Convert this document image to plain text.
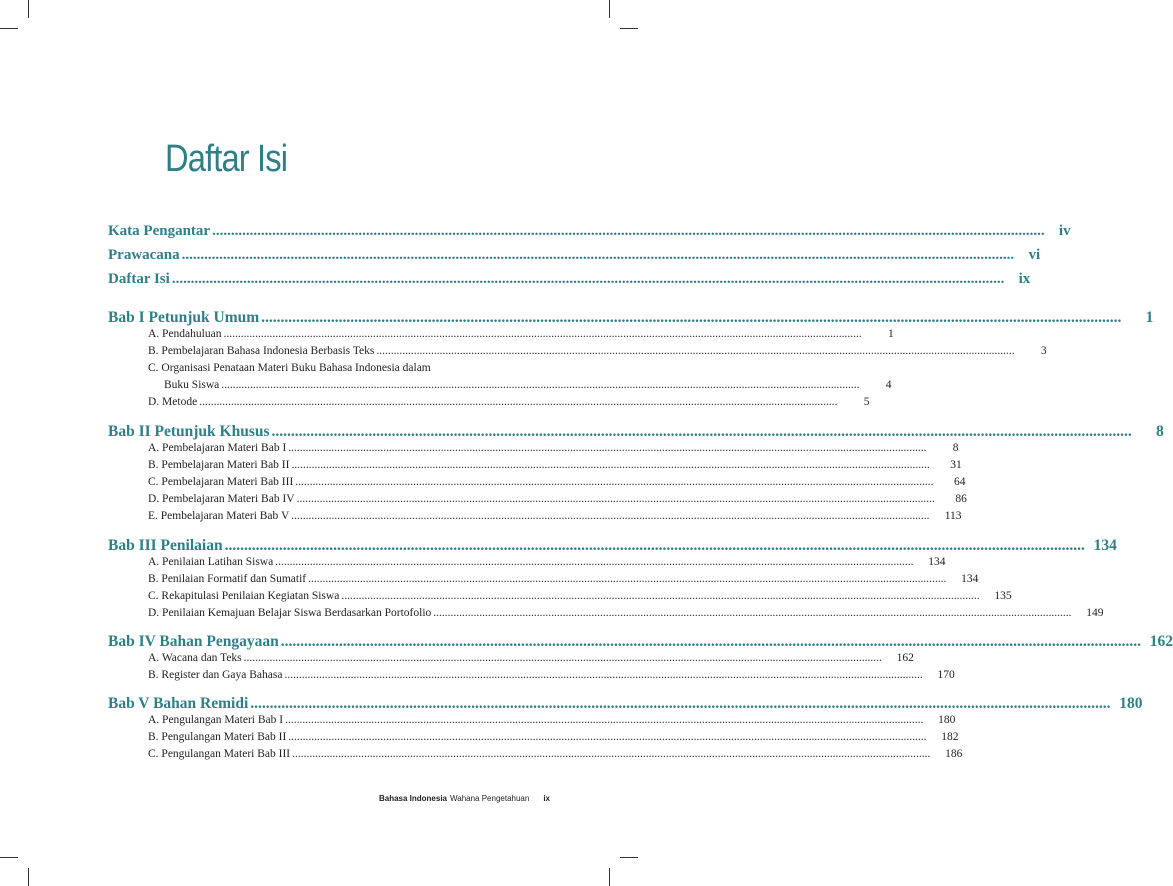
Daftar Isi
Kata Pengantar .............................................................................................................................................................................................................................. iv
Prawacana .............................................................................................................................................................................................................................. vi
Daftar Isi .............................................................................................................................................................................................................................. ix
Bab I Petunjuk Umum ..............................................................................................................................................................................................................................	1
A. Pendahuluan ..............................................................................................................................................................................................................................	1
B. Pembelajaran Bahasa Indonesia Berbasis Teks ..............................................................................................................................................................................................................................	3
C. Organisasi Penataan Materi Buku Bahasa Indonesia dalam
Buku Siswa ..............................................................................................................................................................................................................................	4
D. Metode ..............................................................................................................................................................................................................................	5
Bab II Petunjuk Khusus ..............................................................................................................................................................................................................................	8
A. Pembelajaran Materi Bab I ..............................................................................................................................................................................................................................	8
B. Pembelajaran Materi Bab II ..............................................................................................................................................................................................................................	31
C. Pembelajaran Materi Bab III ..............................................................................................................................................................................................................................	64
D. Pembelajaran Materi Bab IV ..............................................................................................................................................................................................................................	86
E. Pembelajaran Materi Bab V ..............................................................................................................................................................................................................................	113
Bab III Penilaian .............................................................................................................................................................................................................................. 134
A. Penilaian Latihan Siswa ..............................................................................................................................................................................................................................	134
B. Penilaian Formatif dan Sumatif ..............................................................................................................................................................................................................................	134
C. Rekapitulasi Penilaian Kegiatan Siswa ..............................................................................................................................................................................................................................	135
D. Penilaian Kemajuan Belajar Siswa Berdasarkan Portofolio ..............................................................................................................................................................................................................................	149
Bab IV Bahan Pengayaan .............................................................................................................................................................................................................................. 162
A. Wacana dan Teks ..............................................................................................................................................................................................................................	162
B. Register dan Gaya Bahasa ..............................................................................................................................................................................................................................	170
Bab V Bahan Remidi .............................................................................................................................................................................................................................. 180
A. Pengulangan Materi Bab I ..............................................................................................................................................................................................................................	180
B. Pengulangan Materi Bab II ..............................................................................................................................................................................................................................	182
C. Pengulangan Materi Bab III ..............................................................................................................................................................................................................................	186
Bahasa Indonesia Wahana Pengetahuan ix
